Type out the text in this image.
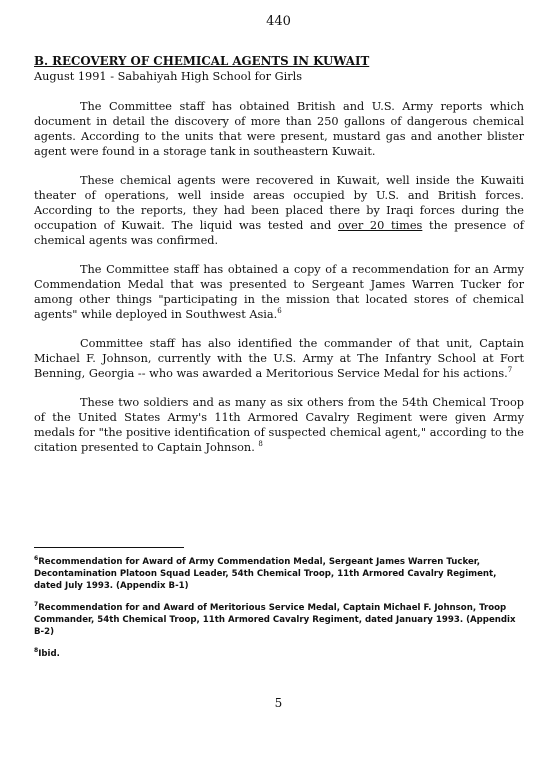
440

B. RECOVERY OF CHEMICAL AGENTS IN KUWAIT

August 1991 - Sabahiyah High School for Girls

The Committee staff has obtained British and U.S. Army reports which document in detail the discovery of more than 250 gallons of dangerous chemical agents. According to the units that were present, mustard gas and another blister agent were found in a storage tank in southeastern Kuwait.

These chemical agents were recovered in Kuwait, well inside the Kuwaiti theater of operations, well inside areas occupied by U.S. and British forces. According to the reports, they had been placed there by Iraqi forces during the occupation of Kuwait. The liquid was tested and over 20 times the presence of chemical agents was confirmed.

The Committee staff has obtained a copy of a recommendation for an Army Commendation Medal that was presented to Sergeant James Warren Tucker for among other things "participating in the mission that located stores of chemical agents" while deployed in Southwest Asia.$^6$

Committee staff has also identified the commander of that unit, Captain Michael F. Johnson, currently with the U.S. Army at The Infantry School at Fort Benning, Georgia -- who was awarded a Meritorious Service Medal for his actions.$^7$

These two soldiers and as many as six others from the 54th Chemical Troop of the United States Army's 11th Armored Cavalry Regiment were given Army medals for "the positive identification of suspected chemical agent," according to the citation presented to Captain Johnson. $^8$

$^6$Recommendation for Award of Army Commendation Medal, Sergeant James Warren Tucker, Decontamination Platoon Squad Leader, 54th Chemical Troop, 11th Armored Cavalry Regiment, dated July 1993. (Appendix B-1)

$^7$Recommendation for and Award of Meritorious Service Medal, Captain Michael F. Johnson, Troop Commander, 54th Chemical Troop, 11th Armored Cavalry Regiment, dated January 1993. (Appendix B-2)

$^8$Ibid.

5
